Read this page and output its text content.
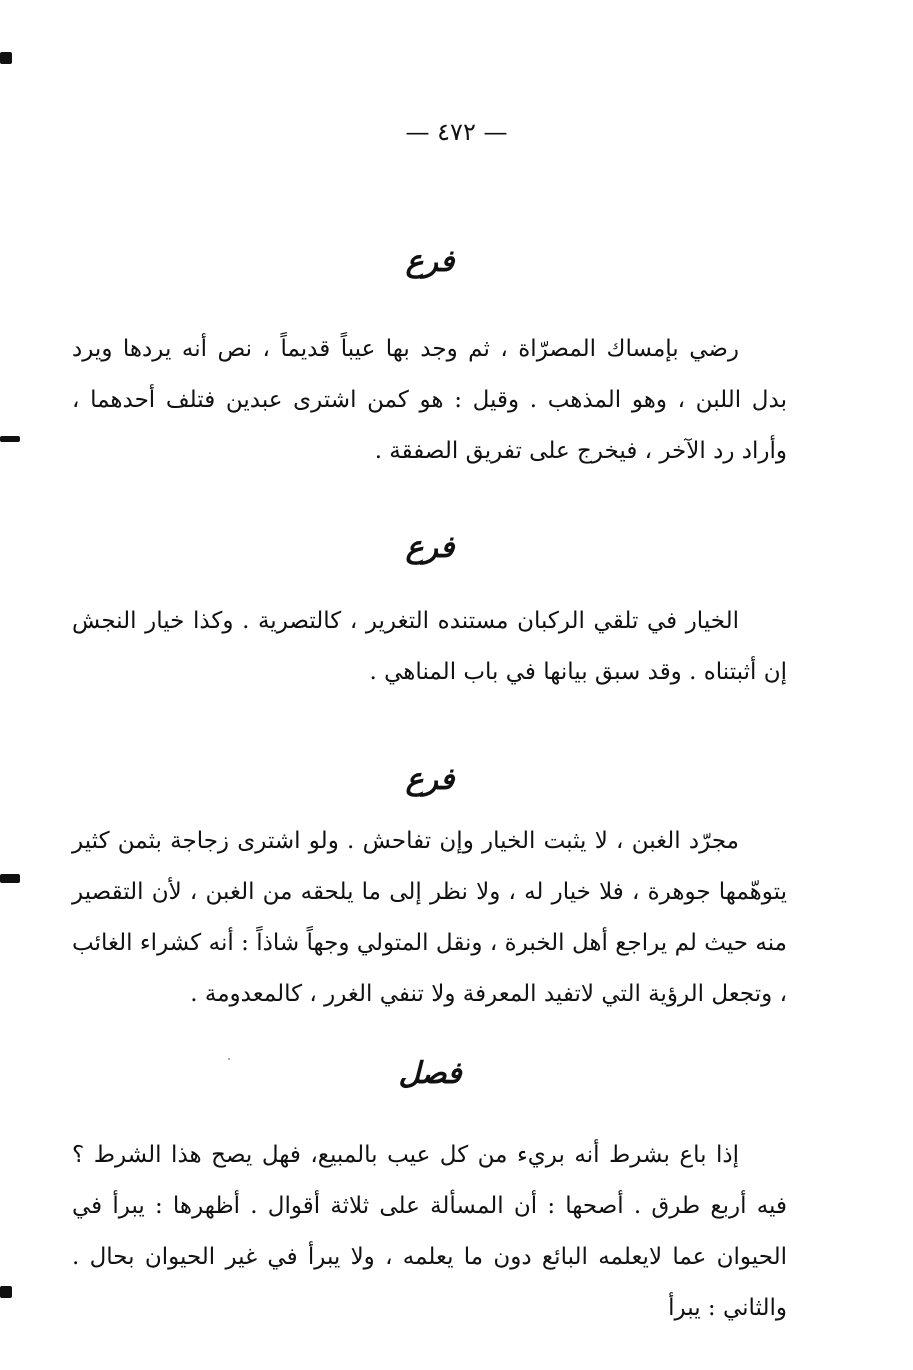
— ٤٧٢ —
فرع
رضي بإمساك المصرّاة ، ثم وجد بها عيباً قديماً ، نص أنه يردها ويرد بدل اللبن ، وهو المذهب . وقيل : هو كمن اشترى عبدين فتلف أحدهما ، وأراد رد الآخر ، فيخرج على تفريق الصفقة .
فرع
الخيار في تلقي الركبان مستنده التغرير ، كالتصرية . وكذا خيار النجش إن أثبتناه . وقد سبق بيانها في باب المناهي .
فرع
مجرّد الغبن ، لا يثبت الخيار وإن تفاحش . ولو اشترى زجاجة بثمن كثير يتوهّمها جوهرة ، فلا خيار له ، ولا نظر إلى ما يلحقه من الغبن ، لأن التقصير منه حيث لم يراجع أهل الخبرة ، ونقل المتولي وجهاً شاذاً : أنه كشراء الغائب ، وتجعل الرؤية التي لاتفيد المعرفة ولا تنفي الغرر ، كالمعدومة .
فصل
إذا باع بشرط أنه بريء من كل عيب بالمبيع، فهل يصح هذا الشرط ؟ فيه أربع طرق . أصحها : أن المسألة على ثلاثة أقوال . أظهرها : يبرأ في الحيوان عما لايعلمه البائع دون ما يعلمه ، ولا يبرأ في غير الحيوان بحال . والثاني : يبرأ
